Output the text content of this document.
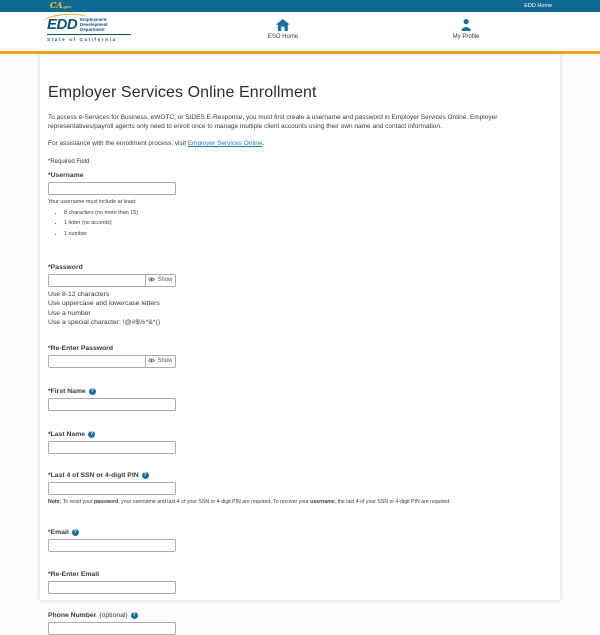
CA gov	EDD Home
EDD Employment
Development
Department
State of California	ESO Home	My Profile
Employer Services Online Enrollment

To access e-Services for Business, eWOTC, or SIDES E-Response, you must first create a username and password in Employer Services Online. Employer representatives/payroll agents only need to enroll once to manage multiple client accounts using their own name and contact information.

For assistance with the enrollment process, visit Employer Services Online.

*Required Field

*Username
Your username must include at least:
• 8 characters (no more than 15)
• 1 letter (no accents)
• 1 number
*Password
Show
Use 8-12 characters
Use uppercase and lowercase letters
Use a number
Use a special character: !@#$%^&*()
*Re-Enter Password
Show
*First Name ?
*Last Name ?
*Last 4 of SSN or 4-digit PIN ?
Note: To reset your password, your username and last 4 of your SSN or 4-digit PIN are required. To recover your username, the last 4 of your SSN or 4-digit PIN are required.
*Email ?
*Re-Enter Email
Phone Number (optional) ?
